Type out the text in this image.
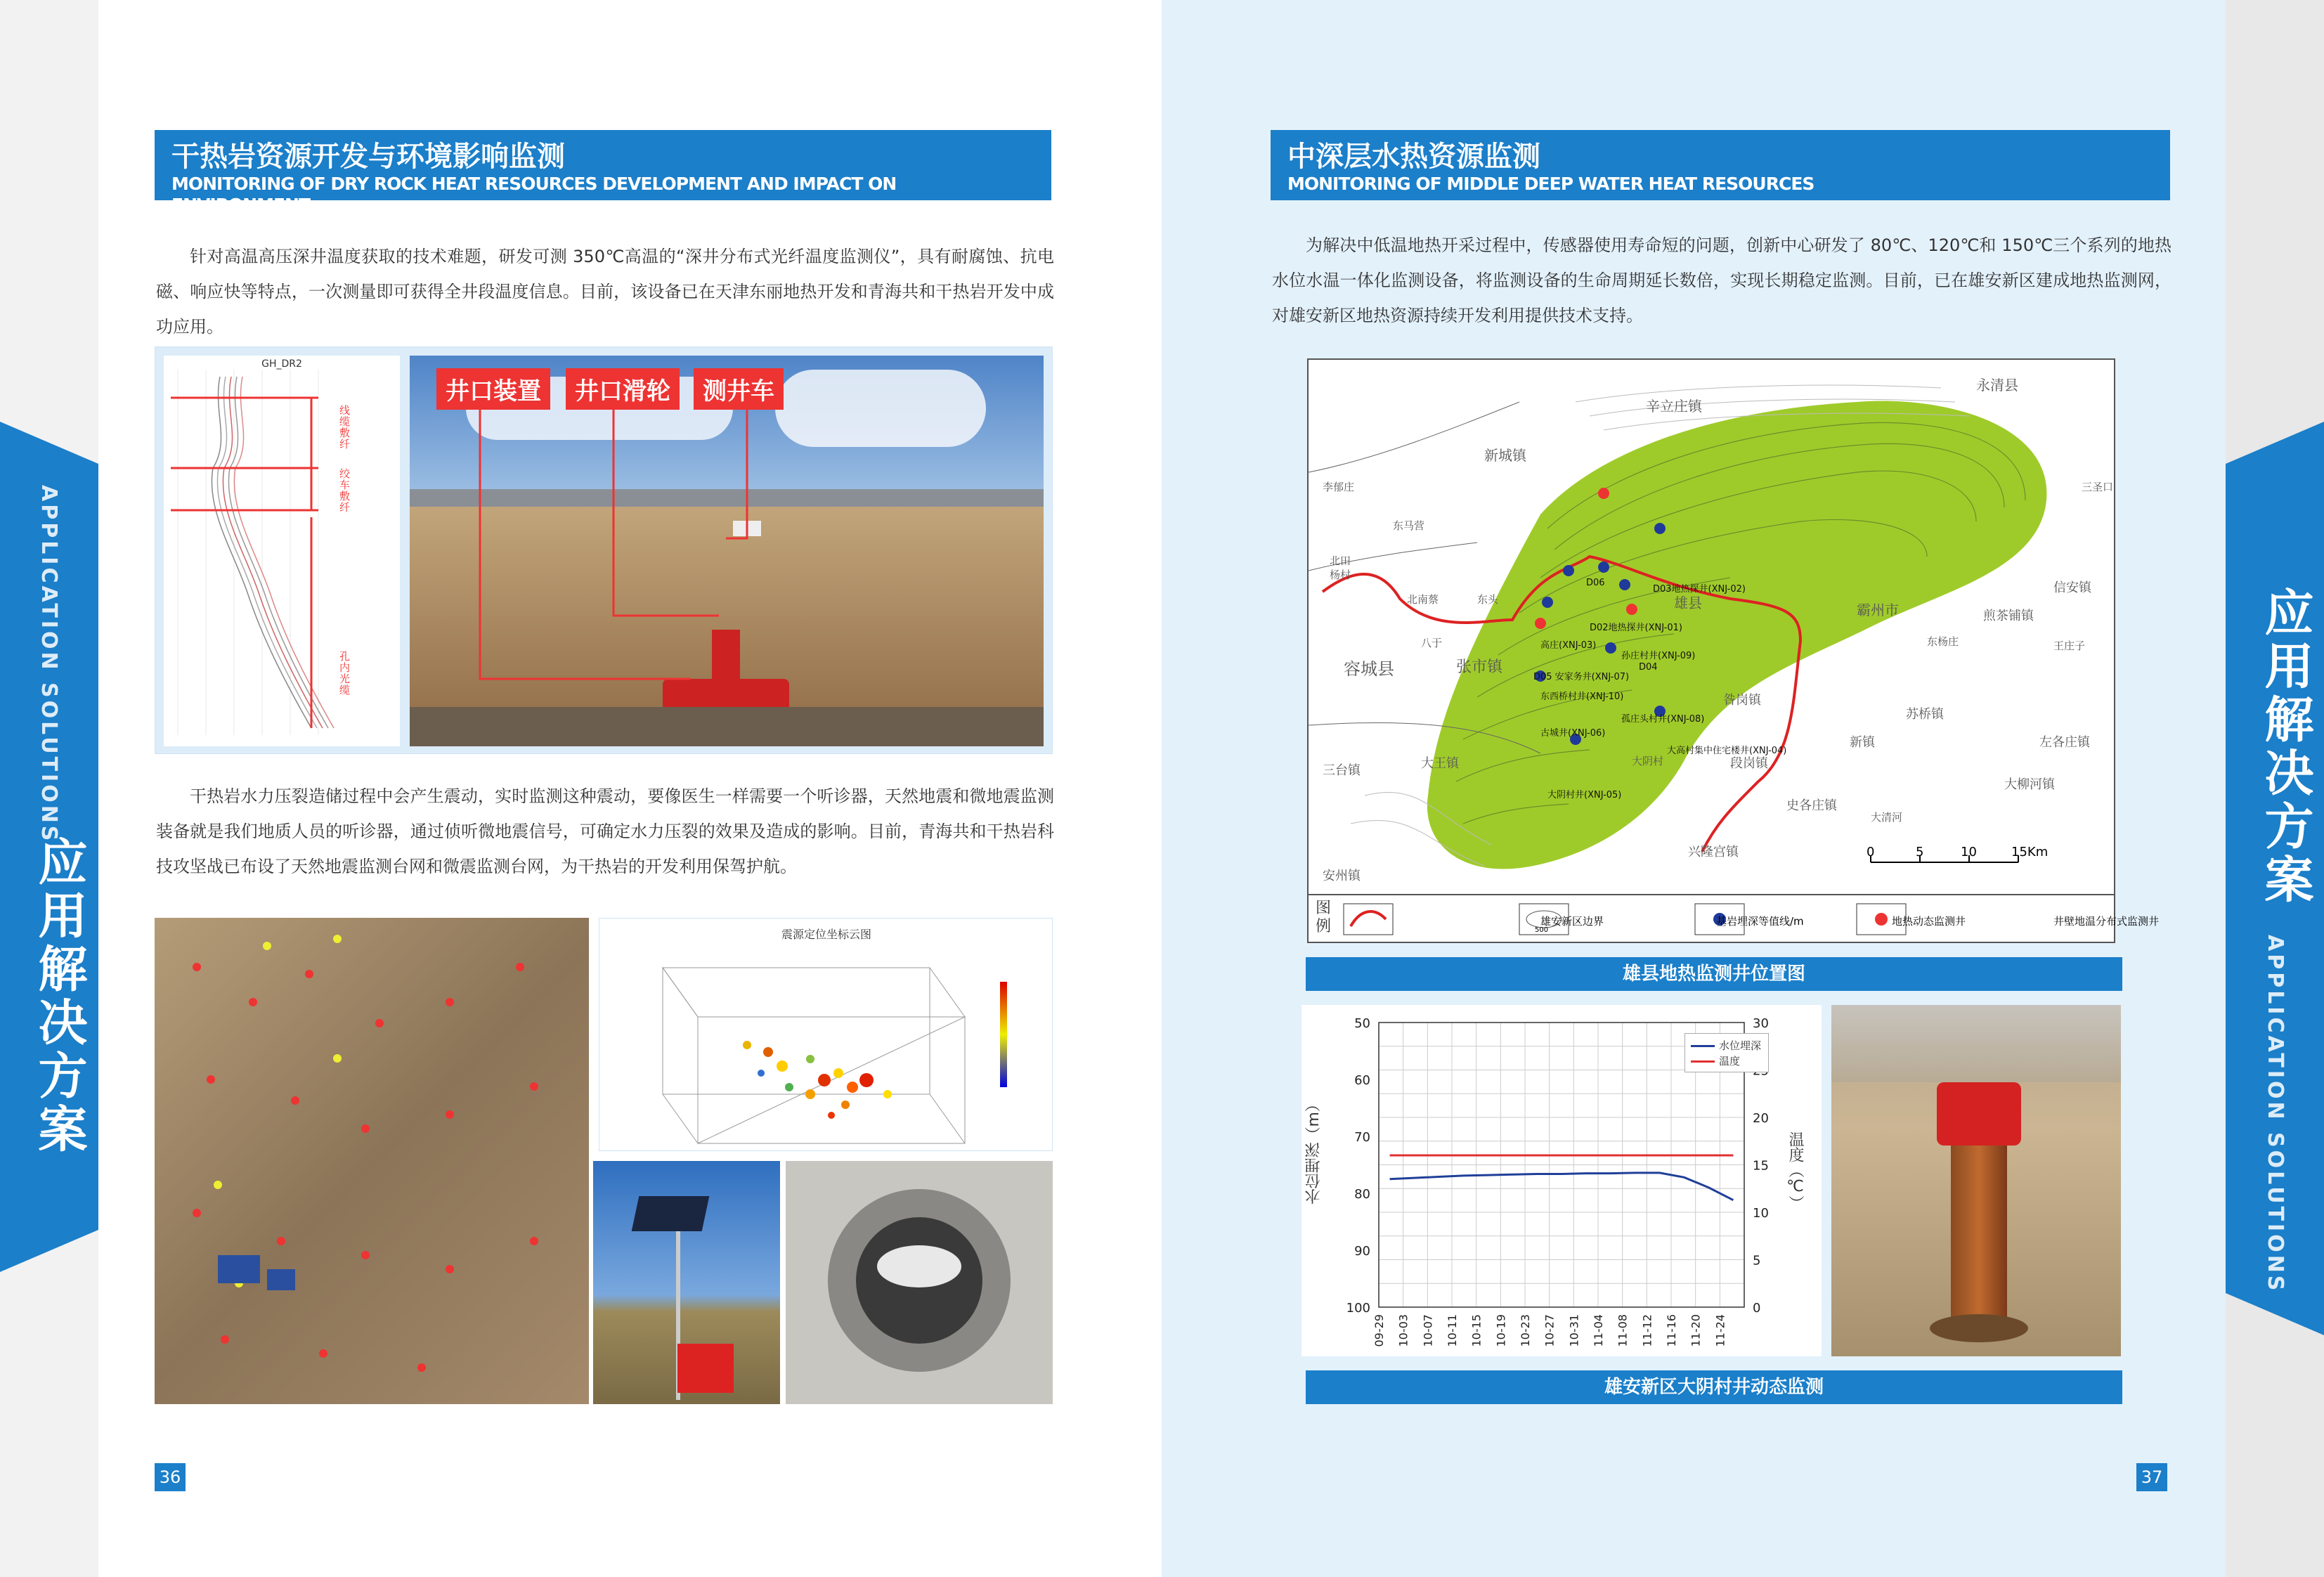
APPLICATION SOLUTIONS
应用解决方案
应用解决方案
APPLICATION SOLUTIONS
干热岩资源开发与环境影响监测
MONITORING OF DRY ROCK HEAT RESOURCES DEVELOPMENT AND IMPACT ON ENVIRONMENT
针对高温高压深井温度获取的技术难题，研发可测 350℃高温的“深井分布式光纤温度监测仪”，具有耐腐蚀、抗电磁、响应快等特点，一次测量即可获得全井段温度信息。目前，该设备已在天津东丽地热开发和青海共和干热岩开发中成功应用。
GH_DR2
线缆敷纤
绞车敷纤
孔内光缆
井口装置	井口滑轮	测井车
干热岩水力压裂造储过程中会产生震动，实时监测这种震动，要像医生一样需要一个听诊器，天然地震和微地震监测装备就是我们地质人员的听诊器，通过侦听微地震信号，可确定水力压裂的效果及造成的影响。目前，青海共和干热岩科技攻坚战已布设了天然地震监测台网和微震监测台网，为干热岩的开发利用保驾护航。
震源定位坐标云图
36
中深层水热资源监测
MONITORING OF MIDDLE DEEP WATER HEAT RESOURCES
为解决中低温地热开采过程中，传感器使用寿命短的问题，创新中心研发了 80℃、120℃和 150℃三个系列的地热水位水温一体化监测设备，将监测设备的生命周期延长数倍，实现长期稳定监测。目前，已在雄安新区建成地热监测网，对雄安新区地热资源持续开发利用提供技术支持。
辛立庄镇
永清县
新城镇
雄县	霸州市
容城县	张市镇
信安镇
煎茶铺镇
东杨庄
苏桥镇
左各庄镇
大柳河镇
新镇
大王镇
三台镇
安州镇
兴隆宫镇
史各庄镇
昝岗镇
李郁庄
北田
杨村
东马营
北南蔡
八于	王庄子
东头
大阴村	段岗镇
三圣口
大清河
D06
D03地热探井(XNJ-02)
D02地热探井(XNJ-01)
高庄(XNJ-03)
孙庄村井(XNJ-09)
D05 安家务井(XNJ-07)
D04
东西桥村井(XNJ-10)
孤庄头村井(XNJ-08)
古城井(XNJ-06)
大高村集中住宅楼井(XNJ-04)
大阴村井(XNJ-05)
0	5	10	15Km
图例	雄安新区边界	基岩埋深等值线/m
500
地热动态监测井	井壁地温分布式监测井
雄县地热监测井位置图
50
60
70
80
90
100	0
5
10
15
20
30
09-29 10-03 10-07 10-11 10-15 10-19 10-23 10-27 10-31 11-04 11-08 11-12 11-16 11-20 11-24
水位埋深（m）	温度（℃）
水位埋深
温度
雄安新区大阴村井动态监测
37
